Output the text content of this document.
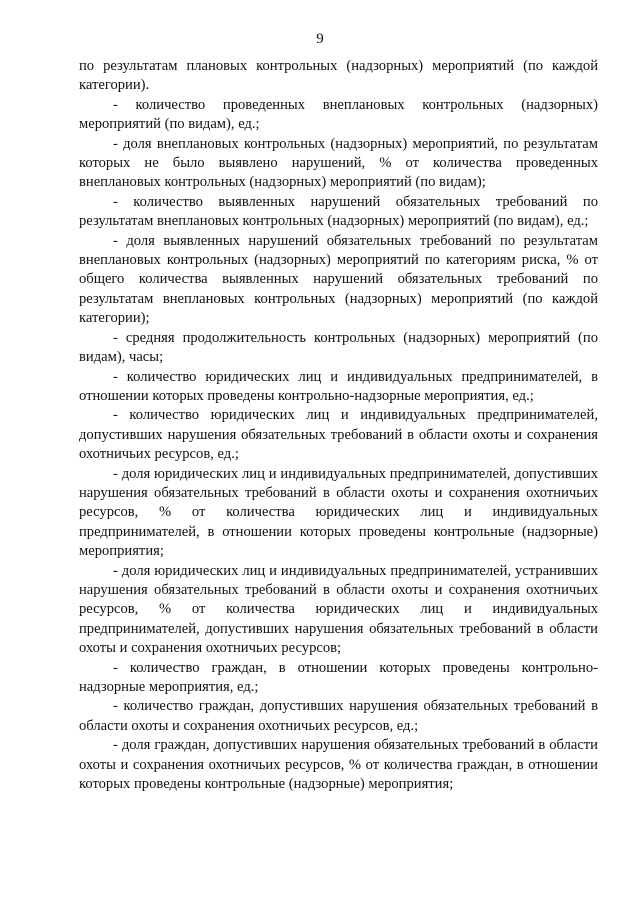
9

по результатам плановых контрольных (надзорных) мероприятий (по каждой категории).

- количество проведенных внеплановых контрольных (надзорных) мероприятий (по видам), ед.;

- доля внеплановых контрольных (надзорных) мероприятий, по результатам которых не было выявлено нарушений, % от количества проведенных внеплановых контрольных (надзорных) мероприятий (по видам);

- количество выявленных нарушений обязательных требований по результатам внеплановых контрольных (надзорных) мероприятий (по видам), ед.;

- доля выявленных нарушений обязательных требований по результатам внеплановых контрольных (надзорных) мероприятий по категориям риска, % от общего количества выявленных нарушений обязательных требований по результатам внеплановых контрольных (надзорных) мероприятий (по каждой категории);

- средняя продолжительность контрольных (надзорных) мероприятий (по видам), часы;

- количество юридических лиц и индивидуальных предпринимателей, в отношении которых проведены контрольно-надзорные мероприятия, ед.;

- количество юридических лиц и индивидуальных предпринимателей, допустивших нарушения обязательных требований в области охоты и сохранения охотничьих ресурсов, ед.;

- доля юридических лиц и индивидуальных предпринимателей, допустивших нарушения обязательных требований в области охоты и сохранения охотничьих ресурсов, % от количества юридических лиц и индивидуальных предпринимателей, в отношении которых проведены контрольные (надзорные) мероприятия;

- доля юридических лиц и индивидуальных предпринимателей, устранивших нарушения обязательных требований в области охоты и сохранения охотничьих ресурсов, % от количества юридических лиц и индивидуальных предпринимателей, допустивших нарушения обязательных требований в области охоты и сохранения охотничьих ресурсов;

- количество граждан, в отношении которых проведены контрольно-надзорные мероприятия, ед.;

- количество граждан, допустивших нарушения обязательных требований в области охоты и сохранения охотничьих ресурсов, ед.;

- доля граждан, допустивших нарушения обязательных требований в области охоты и сохранения охотничьих ресурсов, % от количества граждан, в отношении которых проведены контрольные (надзорные) мероприятия;
